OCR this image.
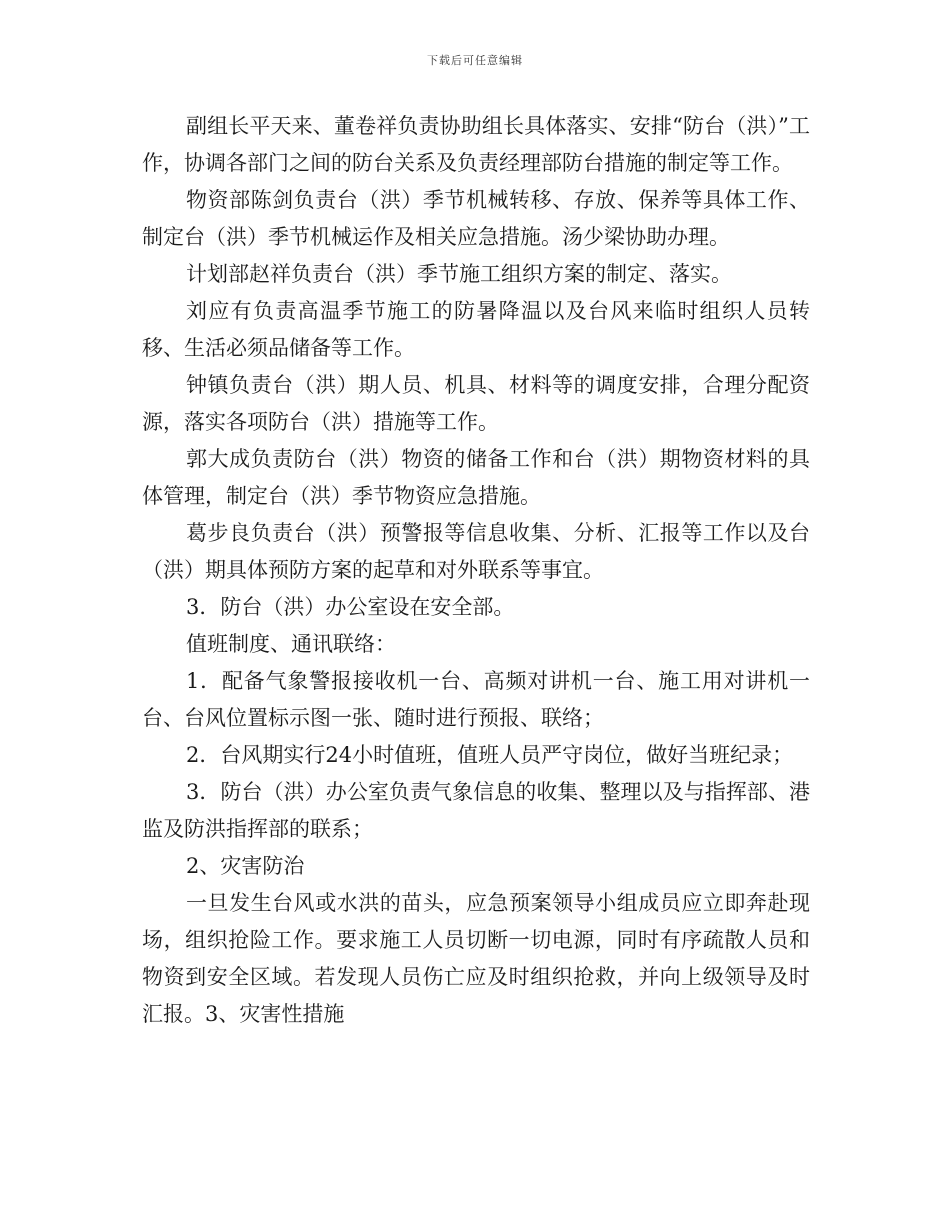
下载后可任意编辑

副组长平天来、董卷祥负责协助组长具体落实、安排“防台（洪）”工作，协调各部门之间的防台关系及负责经理部防台措施的制定等工作。

物资部陈剑负责台（洪）季节机械转移、存放、保养等具体工作、制定台（洪）季节机械运作及相关应急措施。汤少梁协助办理。

计划部赵祥负责台（洪）季节施工组织方案的制定、落实。

刘应有负责高温季节施工的防暑降温以及台风来临时组织人员转移、生活必须品储备等工作。

钟镇负责台（洪）期人员、机具、材料等的调度安排，合理分配资源，落实各项防台（洪）措施等工作。

郭大成负责防台（洪）物资的储备工作和台（洪）期物资材料的具体管理，制定台（洪）季节物资应急措施。

葛步良负责台（洪）预警报等信息收集、分析、汇报等工作以及台（洪）期具体预防方案的起草和对外联系等事宜。

3．防台（洪）办公室设在安全部。

值班制度、通讯联络：

1．配备气象警报接收机一台、高频对讲机一台、施工用对讲机一台、台风位置标示图一张、随时进行预报、联络；

2．台风期实行24小时值班，值班人员严守岗位，做好当班纪录；

3．防台（洪）办公室负责气象信息的收集、整理以及与指挥部、港监及防洪指挥部的联系；

2、灾害防治

一旦发生台风或水洪的苗头，应急预案领导小组成员应立即奔赴现场，组织抢险工作。要求施工人员切断一切电源，同时有序疏散人员和物资到安全区域。若发现人员伤亡应及时组织抢救，并向上级领导及时汇报。3、灾害性措施
